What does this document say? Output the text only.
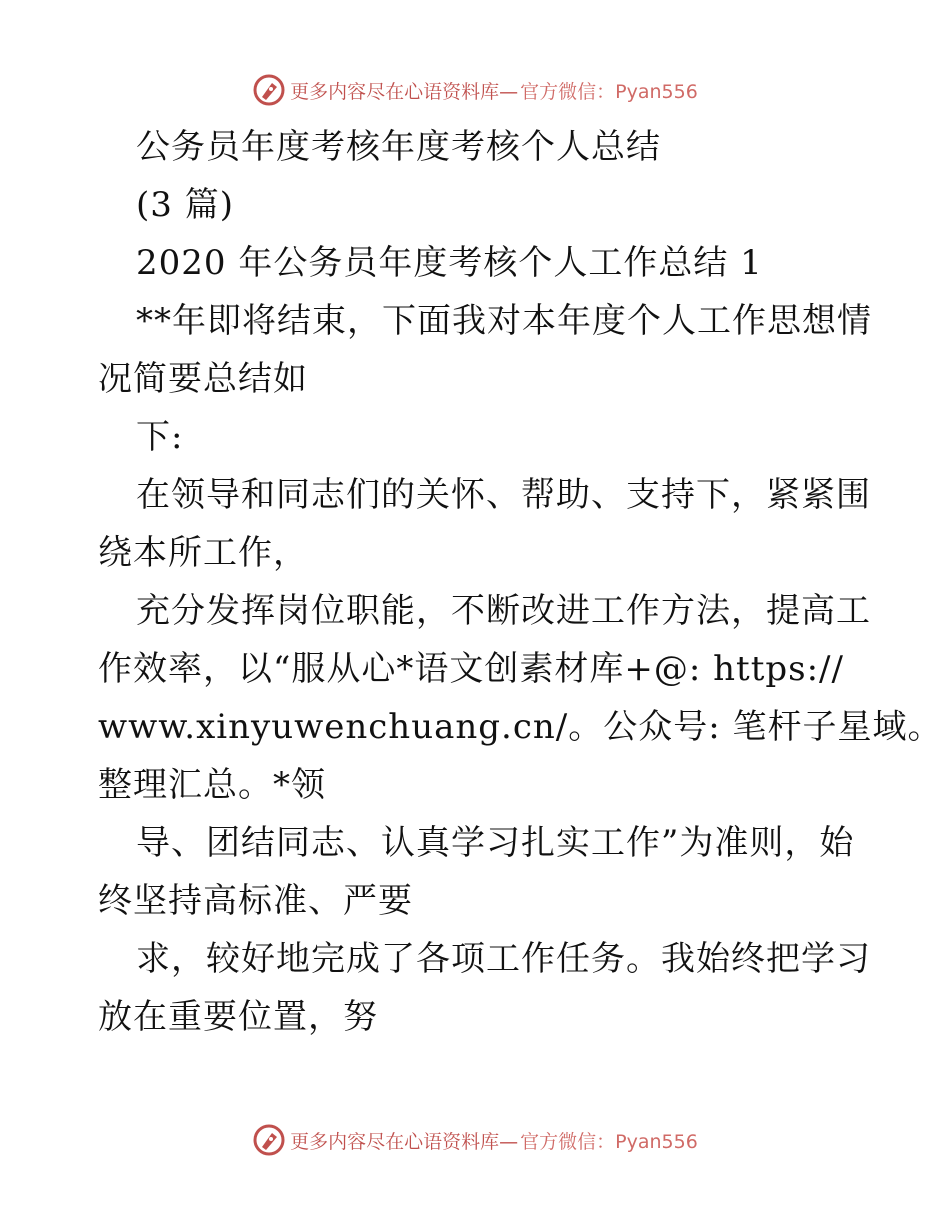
更多内容尽在心语资料库— 官方微信：Pyan556
公务员年度考核年度考核个人总结
(3 篇)
2020 年公务员年度考核个人工作总结 1
**年即将结束，下面我对本年度个人工作思想情
况简要总结如
下:
在领导和同志们的关怀、帮助、支持下，紧紧围
绕本所工作，
充分发挥岗位职能，不断改进工作方法，提高工
作效率，以“服从心*语文创素材库+@: https://
www.xinyuwenchuang.cn/。公众号: 笔杆子星域。
整理汇总。*领
导、团结同志、认真学习扎实工作”为准则，始
终坚持高标准、严要
求，较好地完成了各项工作任务。我始终把学习
放在重要位置，努
更多内容尽在心语资料库— 官方微信：Pyan556
